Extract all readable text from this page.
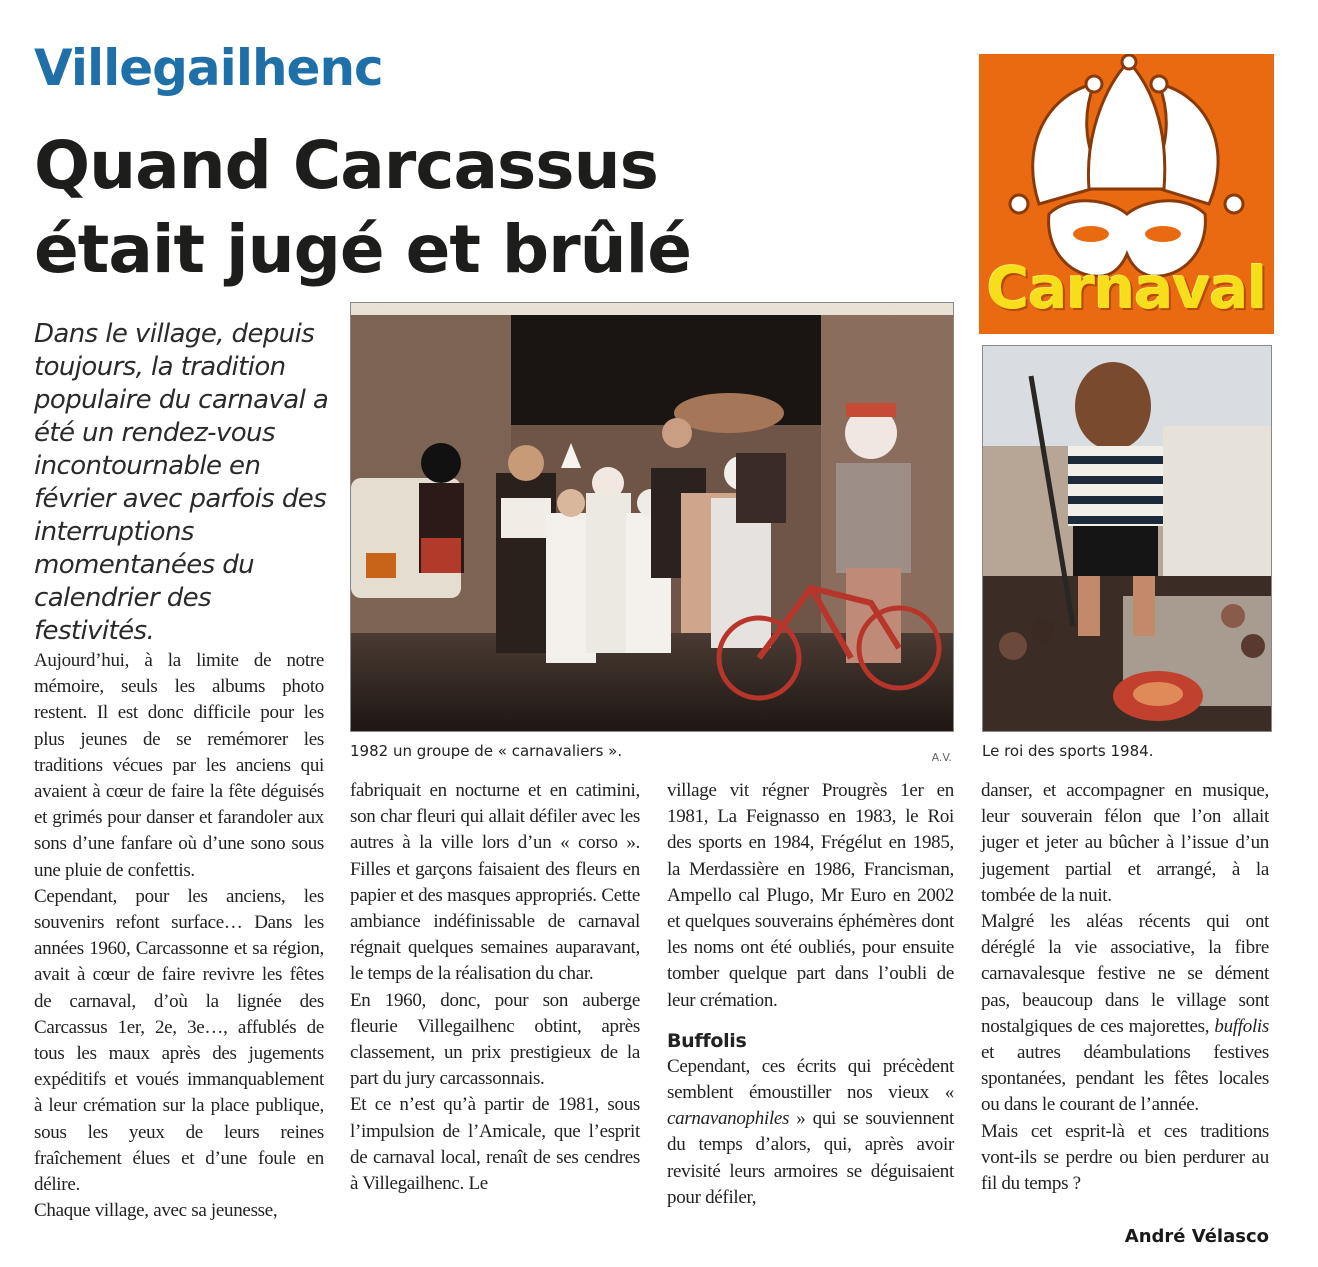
Villegailhenc
Quand Carcassus
était jugé et brûlé
Dans le village, depuis toujours, la tradition populaire du carnaval a été un rendez-vous incontournable en février avec parfois des interruptions momentanées du calendrier des festivités.
1982 un groupe de « carnavaliers ».	A.V.
Carnaval
Le roi des sports 1984.

Aujourd’hui, à la limite de notre mémoire, seuls les albums photo restent. Il est donc difficile pour les plus jeunes de se remémorer les traditions vécues par les anciens qui avaient à cœur de faire la fête déguisés et grimés pour danser et farandoler aux sons d’une fanfare où d’une sono sous une pluie de confettis.

Cependant, pour les anciens, les souvenirs refont surface… Dans les années 1960, Carcassonne et sa région, avait à cœur de faire revivre les fêtes de carnaval, d’où la lignée des Carcassus 1er, 2e, 3e…, affublés de tous les maux après des jugements expéditifs et voués immanquablement à leur crémation sur la place publique, sous les yeux de leurs reines fraîchement élues et d’une foule en délire.

Chaque village, avec sa jeunesse,

fabriquait en nocturne et en catimini, son char fleuri qui allait défiler avec les autres à la ville lors d’un « corso ». Filles et garçons faisaient des fleurs en papier et des masques appropriés. Cette ambiance indéfinissable de carnaval régnait quelques semaines auparavant, le temps de la réalisation du char.

En 1960, donc, pour son auberge fleurie Villegailhenc obtint, après classement, un prix prestigieux de la part du jury carcassonnais.

Et ce n’est qu’à partir de 1981, sous l’impulsion de l’Amicale, que l’esprit de carnaval local, renaît de ses cendres à Villegailhenc. Le

village vit régner Prougrès 1er en 1981, La Feignasso en 1983, le Roi des sports en 1984, Frégélut en 1985, la Merdassière en 1986, Francisman, Ampello cal Plugo, Mr Euro en 2002 et quelques souverains éphémères dont les noms ont été oubliés, pour ensuite tomber quelque part dans l’oubli de leur crémation.

Buffolis

Cependant, ces écrits qui précèdent semblent émoustiller nos vieux « carnavanophiles » qui se souviennent du temps d’alors, qui, après avoir revisité leurs armoires se déguisaient pour défiler,

danser, et accompagner en musique, leur souverain félon que l’on allait juger et jeter au bûcher à l’issue d’un jugement partial et arrangé, à la tombée de la nuit.

Malgré les aléas récents qui ont déréglé la vie associative, la fibre carnavalesque festive ne se dément pas, beaucoup dans le village sont nostalgiques de ces majorettes, buffolis et autres déambulations festives spontanées, pendant les fêtes locales ou dans le courant de l’année.

Mais cet esprit-là et ces traditions vont-ils se perdre ou bien perdurer au fil du temps ?

André Vélasco
